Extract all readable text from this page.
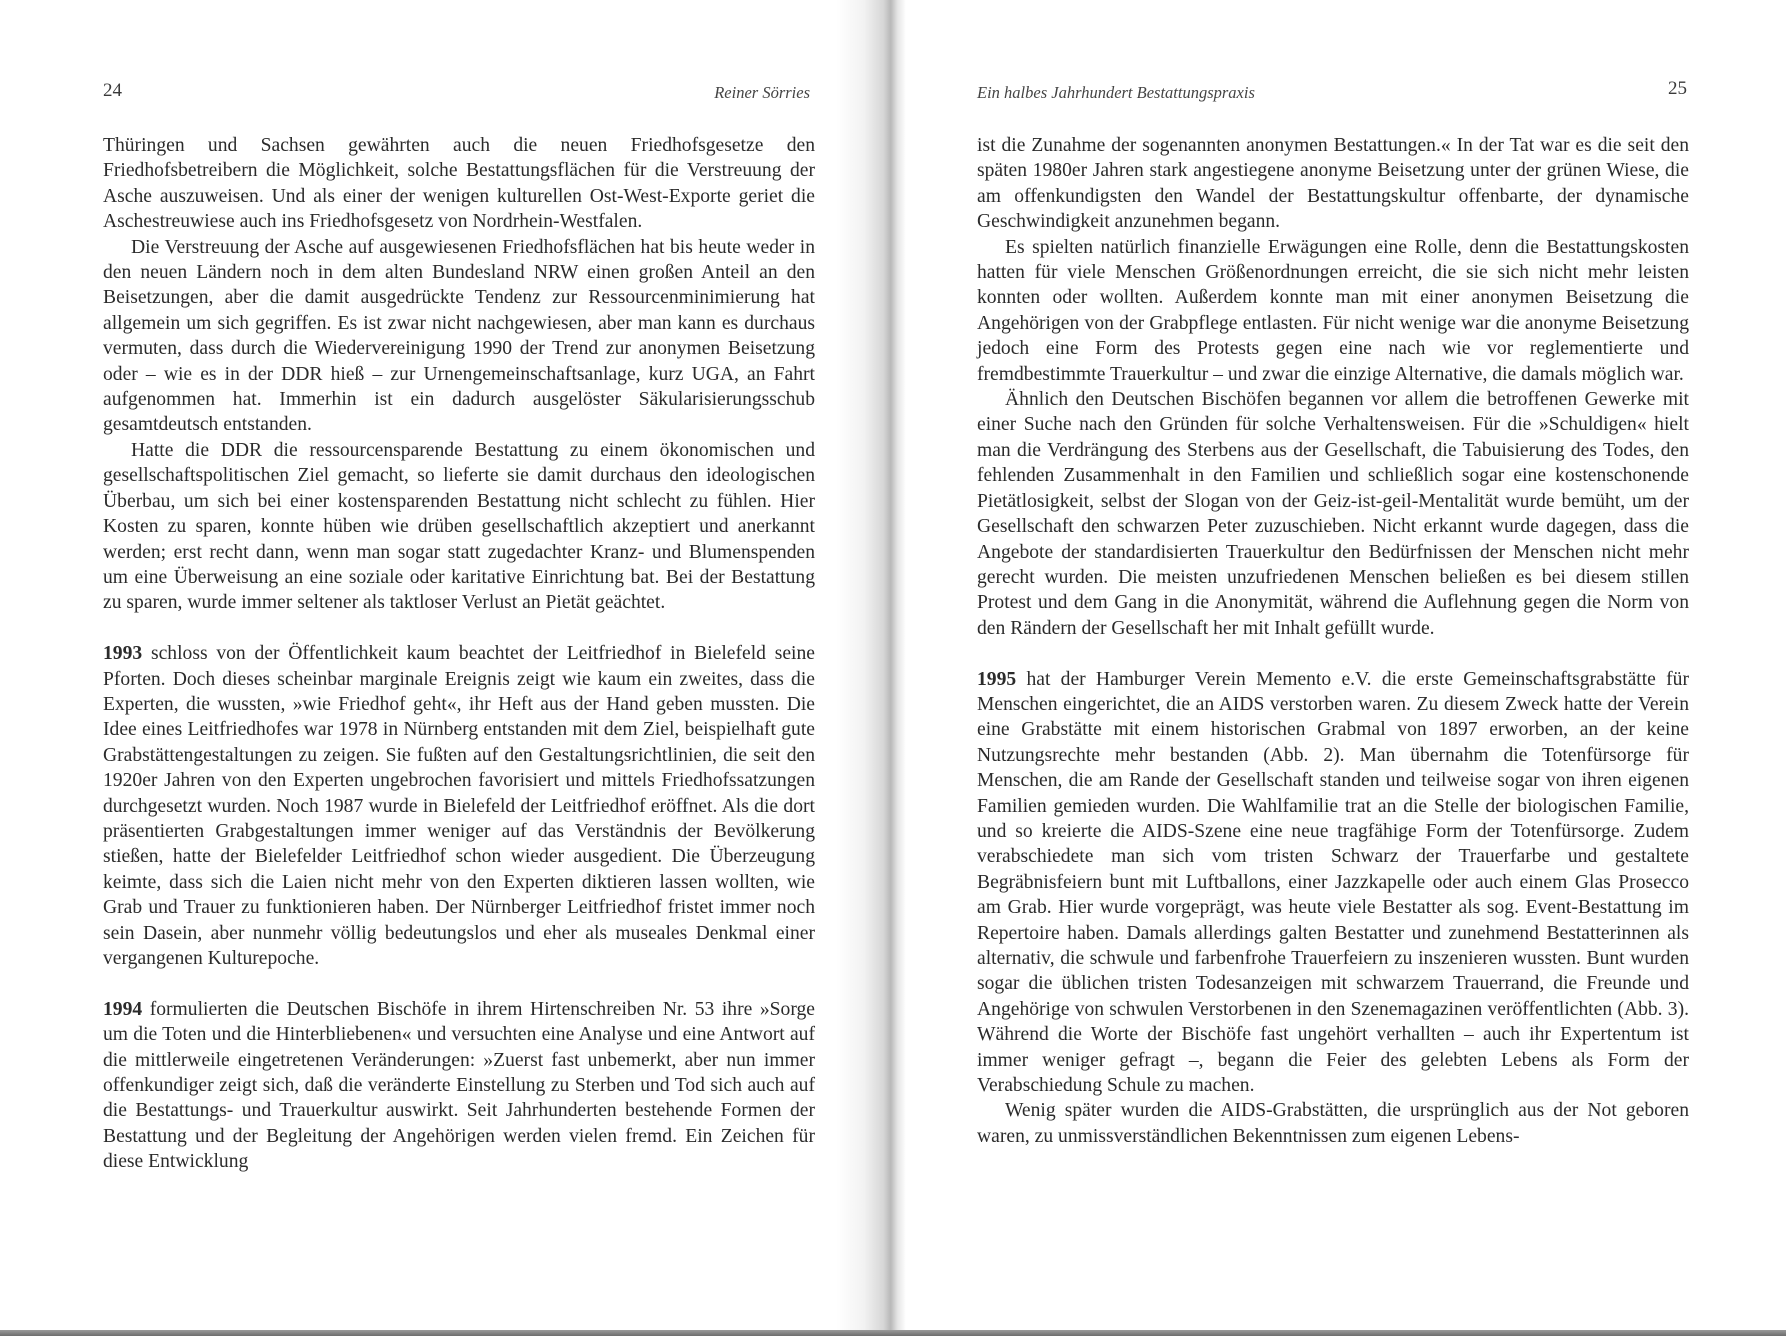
24	Reiner Sörries

Thüringen und Sachsen gewährten auch die neuen Friedhofsgesetze den Friedhofsbetreibern die Möglichkeit, solche Bestattungsflächen für die Verstreuung der Asche auszuweisen. Und als einer der wenigen kulturellen Ost-West-Exporte geriet die Aschestreuwiese auch ins Friedhofsgesetz von Nordrhein-Westfalen.

Die Verstreuung der Asche auf ausgewiesenen Friedhofsflächen hat bis heute weder in den neuen Ländern noch in dem alten Bundesland NRW einen großen Anteil an den Beisetzungen, aber die damit ausgedrückte Tendenz zur Ressourcenminimierung hat allgemein um sich gegriffen. Es ist zwar nicht nachgewiesen, aber man kann es durchaus vermuten, dass durch die Wiedervereinigung 1990 der Trend zur anonymen Beisetzung oder – wie es in der DDR hieß – zur Urnengemeinschaftsanlage, kurz UGA, an Fahrt aufgenommen hat. Immerhin ist ein dadurch ausgelöster Säkularisierungsschub gesamtdeutsch entstanden.

Hatte die DDR die ressourcensparende Bestattung zu einem ökonomischen und gesellschaftspolitischen Ziel gemacht, so lieferte sie damit durchaus den ideologischen Überbau, um sich bei einer kostensparenden Bestattung nicht schlecht zu fühlen. Hier Kosten zu sparen, konnte hüben wie drüben gesellschaftlich akzeptiert und anerkannt werden; erst recht dann, wenn man sogar statt zugedachter Kranz- und Blumenspenden um eine Überweisung an eine soziale oder karitative Einrichtung bat. Bei der Bestattung zu sparen, wurde immer seltener als taktloser Verlust an Pietät geächtet.

1993 schloss von der Öffentlichkeit kaum beachtet der Leitfriedhof in Bielefeld seine Pforten. Doch dieses scheinbar marginale Ereignis zeigt wie kaum ein zweites, dass die Experten, die wussten, »wie Friedhof geht«, ihr Heft aus der Hand geben mussten. Die Idee eines Leitfriedhofes war 1978 in Nürnberg entstanden mit dem Ziel, beispielhaft gute Grabstättengestaltungen zu zeigen. Sie fußten auf den Gestaltungsrichtlinien, die seit den 1920er Jahren von den Experten ungebrochen favorisiert und mittels Friedhofssatzungen durchgesetzt wurden. Noch 1987 wurde in Bielefeld der Leitfriedhof eröffnet. Als die dort präsentierten Grabgestaltungen immer weniger auf das Verständnis der Bevölkerung stießen, hatte der Bielefelder Leitfriedhof schon wieder ausgedient. Die Überzeugung keimte, dass sich die Laien nicht mehr von den Experten diktieren lassen wollten, wie Grab und Trauer zu funktionieren haben. Der Nürnberger Leitfriedhof fristet immer noch sein Dasein, aber nunmehr völlig bedeutungslos und eher als museales Denkmal einer vergangenen Kulturepoche.

1994 formulierten die Deutschen Bischöfe in ihrem Hirtenschreiben Nr. 53 ihre »Sorge um die Toten und die Hinterbliebenen« und versuchten eine Analyse und eine Antwort auf die mittlerweile eingetretenen Veränderungen: »Zuerst fast unbemerkt, aber nun immer offenkundiger zeigt sich, daß die veränderte Einstellung zu Sterben und Tod sich auch auf die Bestattungs- und Trauerkultur auswirkt. Seit Jahrhunderten bestehende Formen der Bestattung und der Begleitung der Angehörigen werden vielen fremd. Ein Zeichen für diese Entwicklung

Ein halbes Jahrhundert Bestattungspraxis	25

ist die Zunahme der sogenannten anonymen Bestattungen.« In der Tat war es die seit den späten 1980er Jahren stark angestiegene anonyme Beisetzung unter der grünen Wiese, die am offenkundigsten den Wandel der Bestattungskultur offenbarte, der dynamische Geschwindigkeit anzunehmen begann.

Es spielten natürlich finanzielle Erwägungen eine Rolle, denn die Bestattungskosten hatten für viele Menschen Größenordnungen erreicht, die sie sich nicht mehr leisten konnten oder wollten. Außerdem konnte man mit einer anonymen Beisetzung die Angehörigen von der Grabpflege entlasten. Für nicht wenige war die anonyme Beisetzung jedoch eine Form des Protests gegen eine nach wie vor reglementierte und fremdbestimmte Trauerkultur – und zwar die einzige Alternative, die damals möglich war.

Ähnlich den Deutschen Bischöfen begannen vor allem die betroffenen Gewerke mit einer Suche nach den Gründen für solche Verhaltensweisen. Für die »Schuldigen« hielt man die Verdrängung des Sterbens aus der Gesellschaft, die Tabuisierung des Todes, den fehlenden Zusammenhalt in den Familien und schließlich sogar eine kostenschonende Pietätlosigkeit, selbst der Slogan von der Geiz-ist-geil-Mentalität wurde bemüht, um der Gesellschaft den schwarzen Peter zuzuschieben. Nicht erkannt wurde dagegen, dass die Angebote der standardisierten Trauerkultur den Bedürfnissen der Menschen nicht mehr gerecht wurden. Die meisten unzufriedenen Menschen beließen es bei diesem stillen Protest und dem Gang in die Anonymität, während die Auflehnung gegen die Norm von den Rändern der Gesellschaft her mit Inhalt gefüllt wurde.

1995 hat der Hamburger Verein Memento e.V. die erste Gemeinschaftsgrabstätte für Menschen eingerichtet, die an AIDS verstorben waren. Zu diesem Zweck hatte der Verein eine Grabstätte mit einem historischen Grabmal von 1897 erworben, an der keine Nutzungsrechte mehr bestanden (Abb. 2). Man übernahm die Totenfürsorge für Menschen, die am Rande der Gesellschaft standen und teilweise sogar von ihren eigenen Familien gemieden wurden. Die Wahlfamilie trat an die Stelle der biologischen Familie, und so kreierte die AIDS-Szene eine neue tragfähige Form der Totenfürsorge. Zudem verabschiedete man sich vom tristen Schwarz der Trauerfarbe und gestaltete Begräbnisfeiern bunt mit Luftballons, einer Jazzkapelle oder auch einem Glas Prosecco am Grab. Hier wurde vorgeprägt, was heute viele Bestatter als sog. Event-Bestattung im Repertoire haben. Damals allerdings galten Bestatter und zunehmend Bestatterinnen als alternativ, die schwule und farbenfrohe Trauerfeiern zu inszenieren wussten. Bunt wurden sogar die üblichen tristen Todesanzeigen mit schwarzem Trauerrand, die Freunde und Angehörige von schwulen Verstorbenen in den Szenemagazinen veröffentlichten (Abb. 3). Während die Worte der Bischöfe fast ungehört verhallten – auch ihr Expertentum ist immer weniger gefragt –, begann die Feier des gelebten Lebens als Form der Verabschiedung Schule zu machen.

Wenig später wurden die AIDS-Grabstätten, die ursprünglich aus der Not geboren waren, zu unmissverständlichen Bekenntnissen zum eigenen Lebens-
